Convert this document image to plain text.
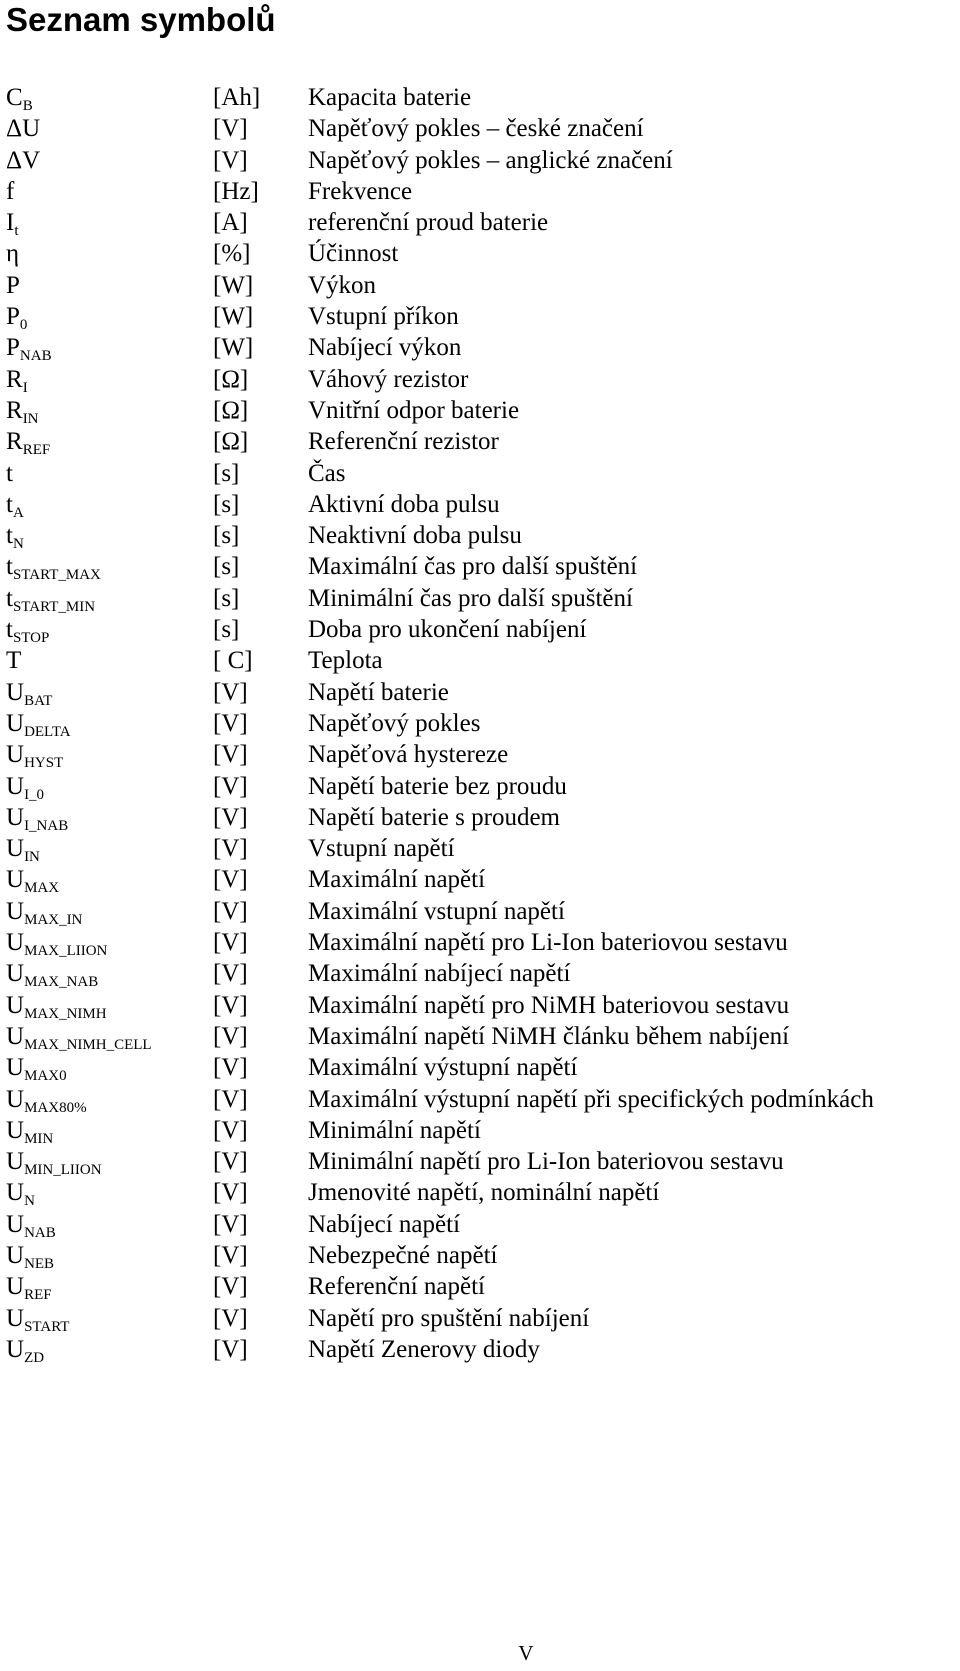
Seznam symbolů
$C_B$	[Ah] Kapacita baterie
ΔU	[V] Napěťový pokles – české značení
ΔV	[V] Napěťový pokles – anglické značení
f	[Hz] Frekvence
$I_t$	[A] referenční proud baterie
η	[%] Účinnost
P	[W] Výkon
$P_0$	[W] Vstupní příkon
$P_{NAB}$	[W] Nabíjecí výkon
$R_I$	[Ω] Váhový rezistor
$R_{IN}$	[Ω] Vnitřní odpor baterie
$R_{REF}$	[Ω] Referenční rezistor
t	[s]	Čas
$t_A$	[s]	Aktivní doba pulsu
$t_N$	[s]	Neaktivní doba pulsu
$t_{START\_MAX}$	[s]	Maximální čas pro další spuštění
$t_{START\_MIN}$	[s]	Minimální čas pro další spuštění
$t_{STOP}$	[s]	Doba pro ukončení nabíjení
T	[ C] Teplota
$U_{BAT}$	[V] Napětí baterie
$U_{DELTA}$	[V] Napěťový pokles
$U_{HYST}$	[V] Napěťová hystereze
$U_{I\_0}$	[V] Napětí baterie bez proudu
$U_{I\_NAB}$	[V] Napětí baterie s proudem
$U_{IN}$	[V] Vstupní napětí
$U_{MAX}$	[V] Maximální napětí
$U_{MAX\_IN}$	[V] Maximální vstupní napětí
$U_{MAX\_LIION}$	[V] Maximální napětí pro Li-Ion bateriovou sestavu
$U_{MAX\_NAB}$	[V] Maximální nabíjecí napětí
$U_{MAX\_NIMH}$	[V] Maximální napětí pro NiMH bateriovou sestavu
$U_{MAX\_NIMH\_CELL}$ [V] Maximální napětí NiMH článku během nabíjení
$U_{MAX0}$	[V] Maximální výstupní napětí
$U_{MAX80\%}$	[V] Maximální výstupní napětí při specifických podmínkách
$U_{MIN}$	[V] Minimální napětí
$U_{MIN\_LIION}$	[V] Minimální napětí pro Li-Ion bateriovou sestavu
$U_N$	[V] Jmenovité napětí, nominální napětí
$U_{NAB}$	[V] Nabíjecí napětí
$U_{NEB}$	[V] Nebezpečné napětí
$U_{REF}$	[V] Referenční napětí
$U_{START}$	[V] Napětí pro spuštění nabíjení
$U_{ZD}$	[V] Napětí Zenerovy diody
V
